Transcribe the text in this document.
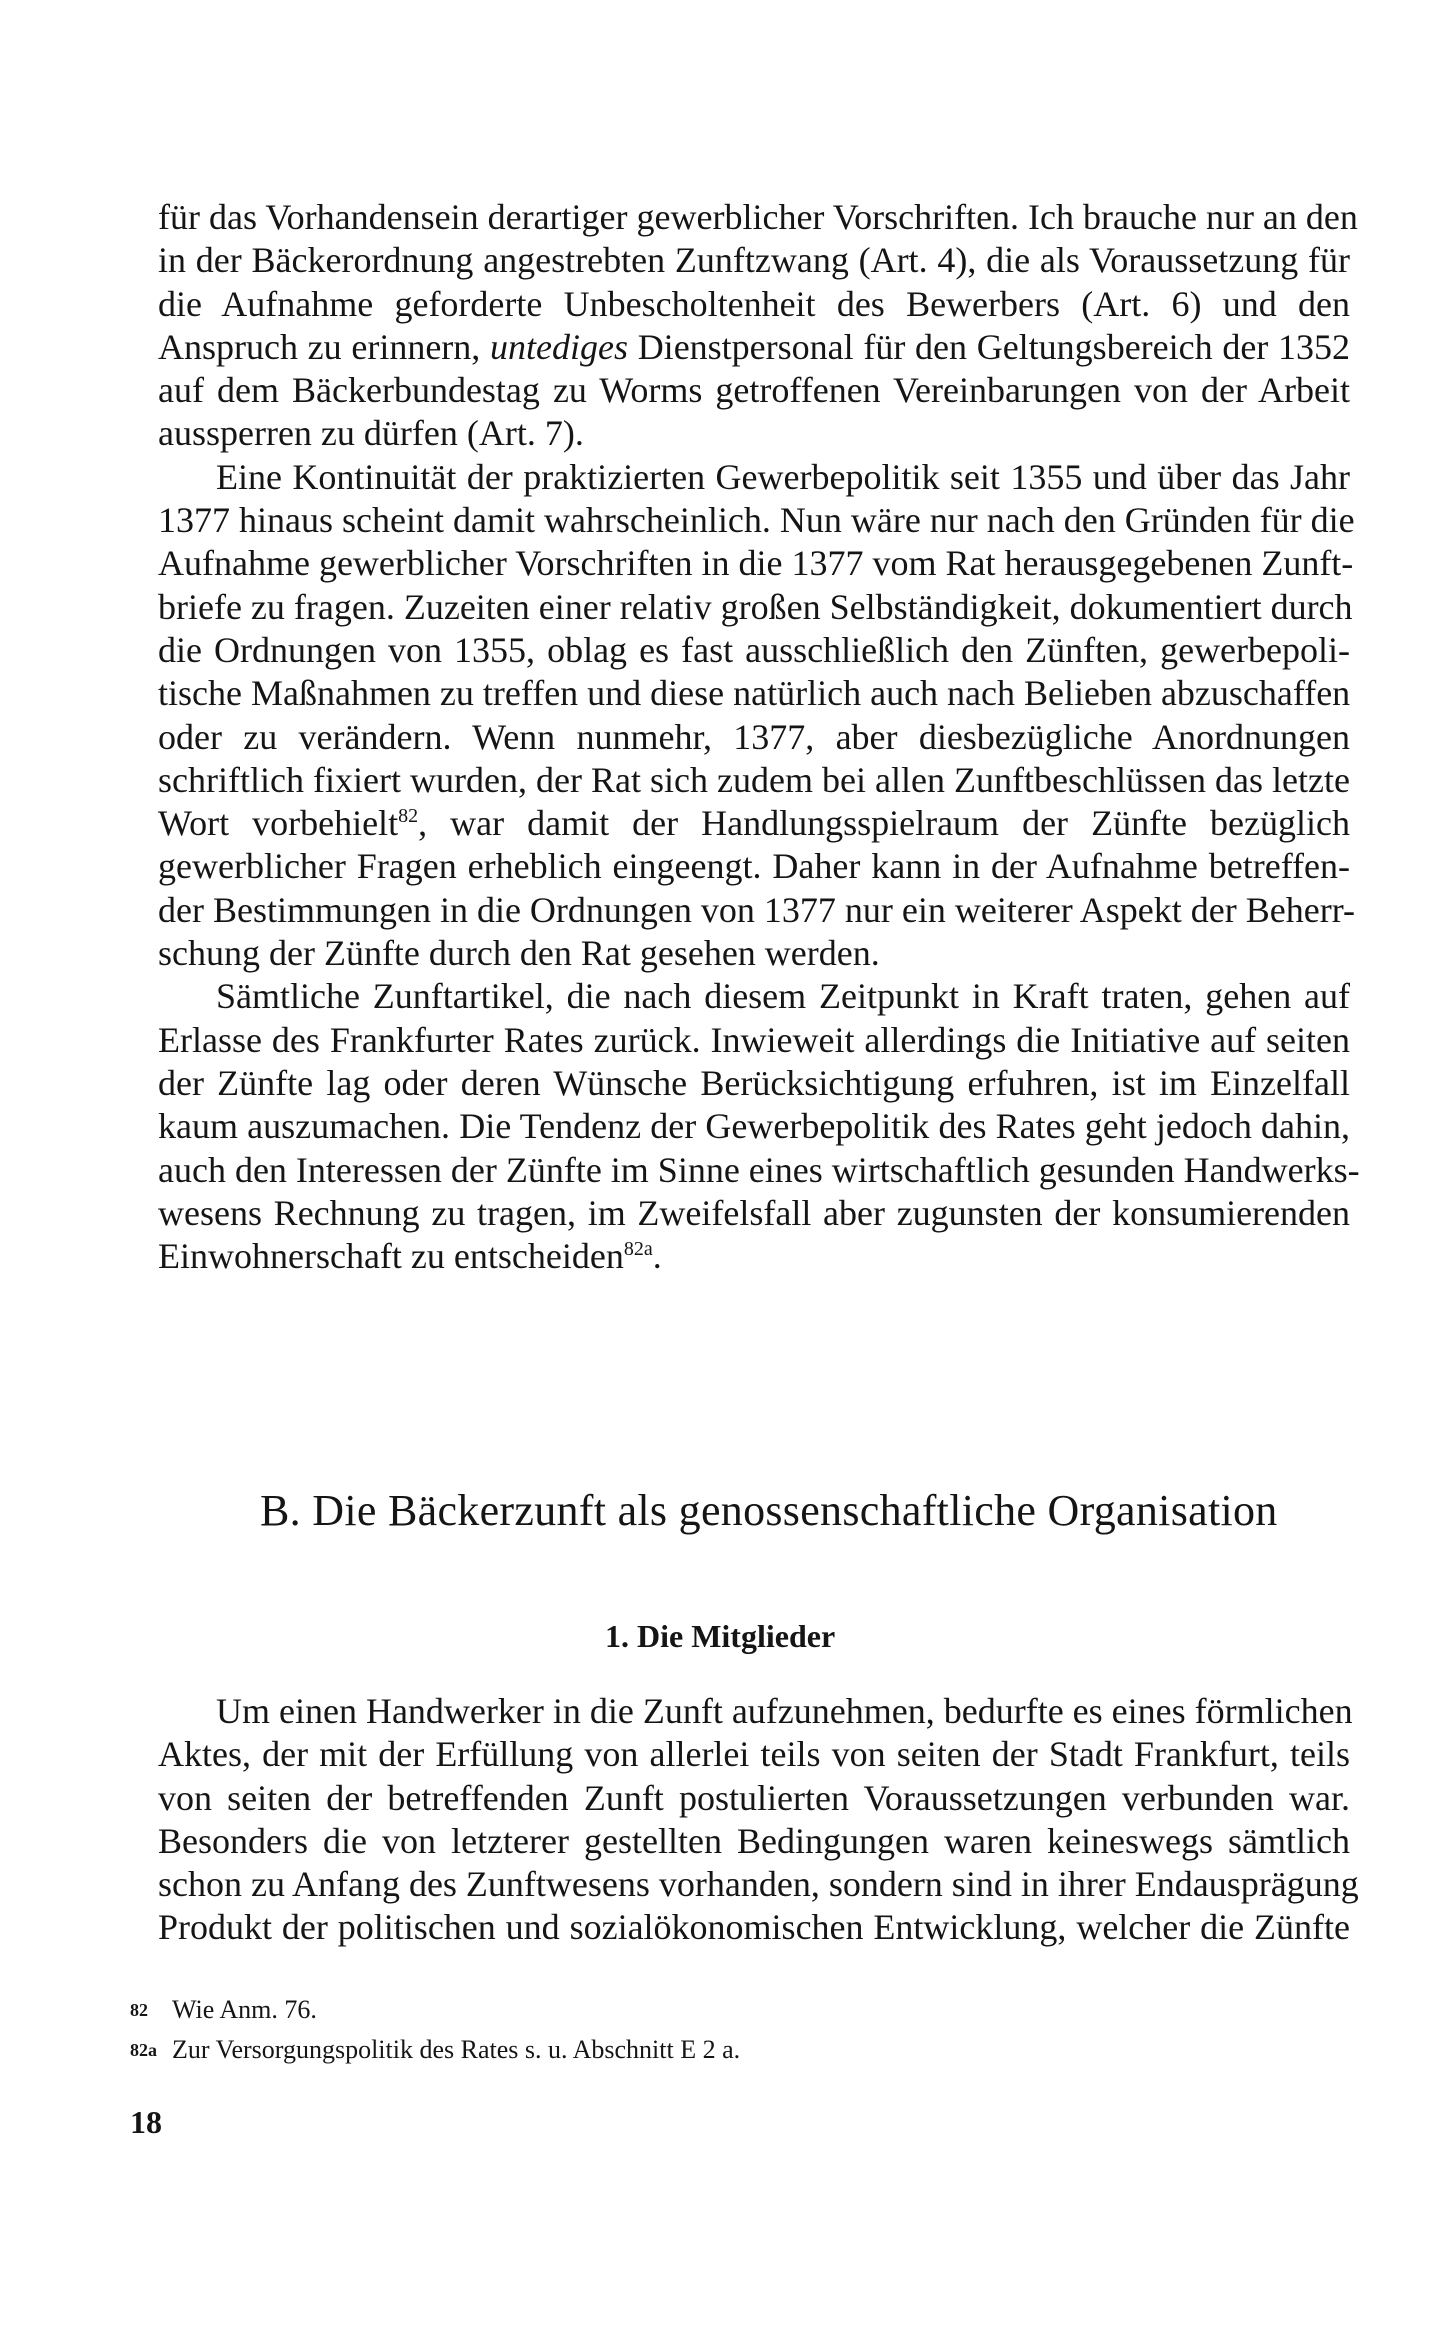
für das Vorhandensein derartiger gewerblicher Vorschriften. Ich brauche nur an den
in der Bäckerordnung angestrebten Zunftzwang (Art. 4), die als Voraussetzung für
die Aufnahme geforderte Unbescholtenheit des Bewerbers (Art. 6) und den
Anspruch zu erinnern, untediges Dienstpersonal für den Geltungsbereich der 1352
auf dem Bäckerbundestag zu Worms getroffenen Vereinbarungen von der Arbeit
aussperren zu dürfen (Art. 7).

Eine Kontinuität der praktizierten Gewerbepolitik seit 1355 und über das Jahr
1377 hinaus scheint damit wahrscheinlich. Nun wäre nur nach den Gründen für die
Aufnahme gewerblicher Vorschriften in die 1377 vom Rat herausgegebenen Zunft-
briefe zu fragen. Zuzeiten einer relativ großen Selbständigkeit, dokumentiert durch
die Ordnungen von 1355, oblag es fast ausschließlich den Zünften, gewerbepoli-
tische Maßnahmen zu treffen und diese natürlich auch nach Belieben abzuschaffen
oder zu verändern. Wenn nunmehr, 1377, aber diesbezügliche Anordnungen
schriftlich fixiert wurden, der Rat sich zudem bei allen Zunftbeschlüssen das letzte
Wort vorbehielt$^{82}$, war damit der Handlungsspielraum der Zünfte bezüglich
gewerblicher Fragen erheblich eingeengt. Daher kann in der Aufnahme betreffen-
der Bestimmungen in die Ordnungen von 1377 nur ein weiterer Aspekt der Beherr-
schung der Zünfte durch den Rat gesehen werden.

Sämtliche Zunftartikel, die nach diesem Zeitpunkt in Kraft traten, gehen auf
Erlasse des Frankfurter Rates zurück. Inwieweit allerdings die Initiative auf seiten
der Zünfte lag oder deren Wünsche Berücksichtigung erfuhren, ist im Einzelfall
kaum auszumachen. Die Tendenz der Gewerbepolitik des Rates geht jedoch dahin,
auch den Interessen der Zünfte im Sinne eines wirtschaftlich gesunden Handwerks-
wesens Rechnung zu tragen, im Zweifelsfall aber zugunsten der konsumierenden
Einwohnerschaft zu entscheiden$^{82a}$.

B. Die Bäckerzunft als genossenschaftliche Organisation
1. Die Mitglieder

Um einen Handwerker in die Zunft aufzunehmen, bedurfte es eines förmlichen
Aktes, der mit der Erfüllung von allerlei teils von seiten der Stadt Frankfurt, teils
von seiten der betreffenden Zunft postulierten Voraussetzungen verbunden war.
Besonders die von letzterer gestellten Bedingungen waren keineswegs sämtlich
schon zu Anfang des Zunftwesens vorhanden, sondern sind in ihrer Endausprägung
Produkt der politischen und sozialökonomischen Entwicklung, welcher die Zünfte

82 Wie Anm. 76.
82a Zur Versorgungspolitik des Rates s. u. Abschnitt E 2 a.
18
